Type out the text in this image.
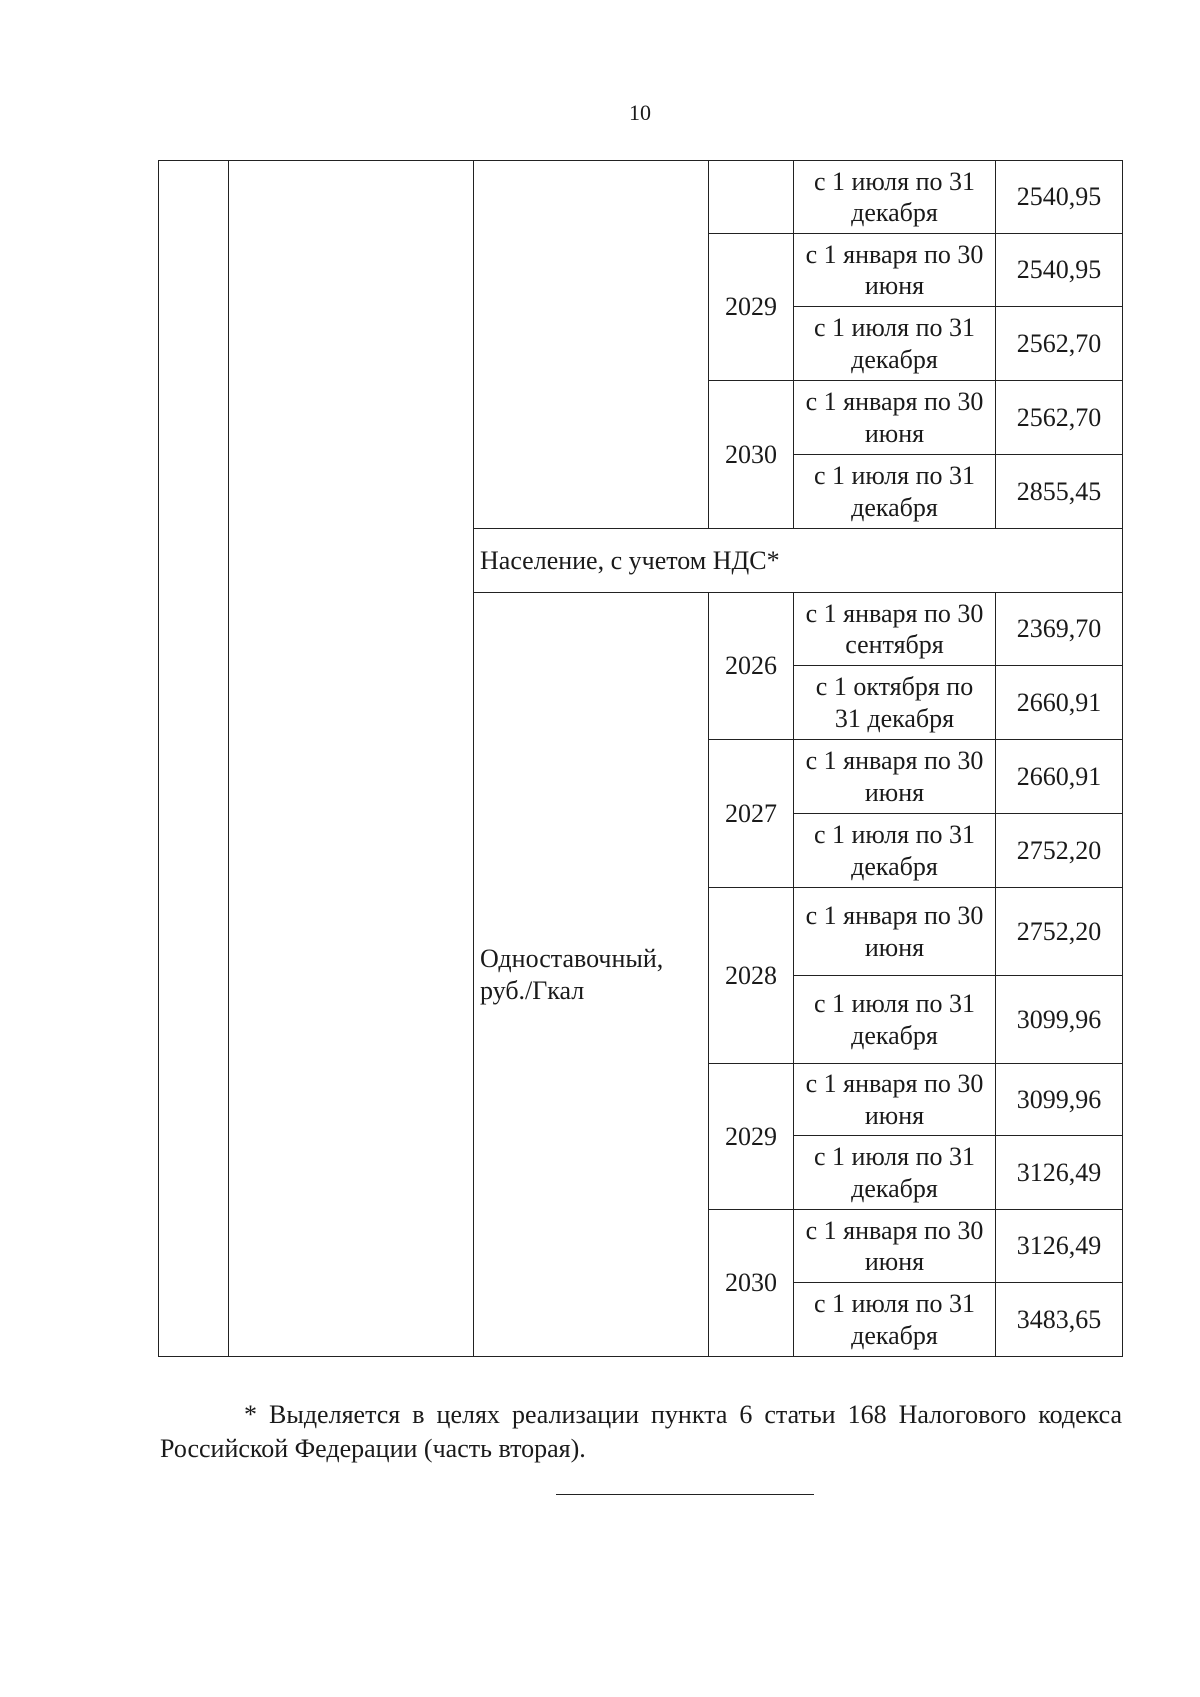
10
				с 1 июля по 31 декабря	2540,95
			2029	с 1 января по 30 июня	2540,95
				с 1 июля по 31 декабря	2562,70
			2030	с 1 января по 30 июня	2562,70
				с 1 июля по 31 декабря	2855,45
		Население, с учетом НДС*			
		Одноставочный, руб./Гкал	2026	с 1 января по 30 сентября	2369,70
				с 1 октября по 31 декабря	2660,91
			2027	с 1 января по 30 июня	2660,91
				с 1 июля по 31 декабря	2752,20
			2028	с 1 января по 30 июня	2752,20
				с 1 июля по 31 декабря	3099,96
			2029	с 1 января по 30 июня	3099,96
				с 1 июля по 31 декабря	3126,49
			2030	с 1 января по 30 июня	3126,49
				с 1 июля по 31 декабря	3483,65
* Выделяется в целях реализации пункта 6 статьи 168 Налогового кодекса Российской Федерации (часть вторая).
